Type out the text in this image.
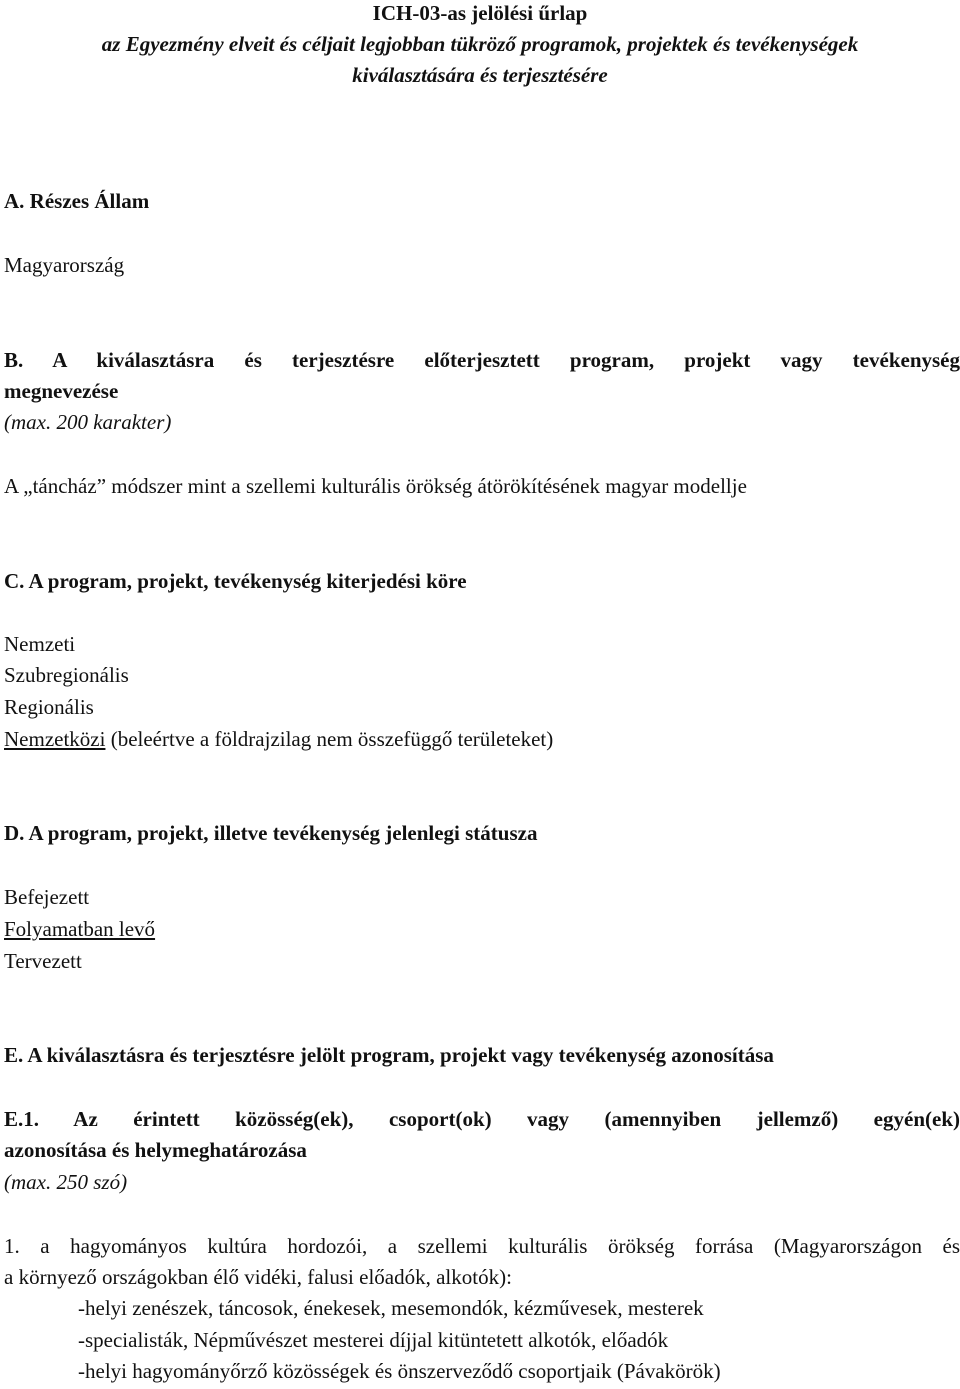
ICH-03-as jelölési űrlap
az Egyezmény elveit és céljait legjobban tükröző programok, projektek és tevékenységek
kiválasztására és terjesztésére
A. Részes Állam
Magyarország
B. A kiválasztásra és terjesztésre előterjesztett program, projekt vagy tevékenység
megnevezése
(max. 200 karakter)
A „táncház” módszer mint a szellemi kulturális örökség átörökítésének magyar modellje
C. A program, projekt, tevékenység kiterjedési köre
Nemzeti
Szubregionális
Regionális
Nemzetközi (beleértve a földrajzilag nem összefüggő területeket)
D. A program, projekt, illetve tevékenység jelenlegi státusza
Befejezett
Folyamatban levő
Tervezett
E. A kiválasztásra és terjesztésre jelölt program, projekt vagy tevékenység azonosítása
E.1. Az érintett közösség(ek), csoport(ok) vagy (amennyiben jellemző) egyén(ek)
azonosítása és helymeghatározása
(max. 250 szó)
1. a hagyományos kultúra hordozói, a szellemi kulturális örökség forrása (Magyarországon és
a környező országokban élő vidéki, falusi előadók, alkotók):
-helyi zenészek, táncosok, énekesek, mesemondók, kézművesek, mesterek
-specialisták, Népművészet mesterei díjjal kitüntetett alkotók, előadók
-helyi hagyományőrző közösségek és önszerveződő csoportjaik (Pávakörök)
